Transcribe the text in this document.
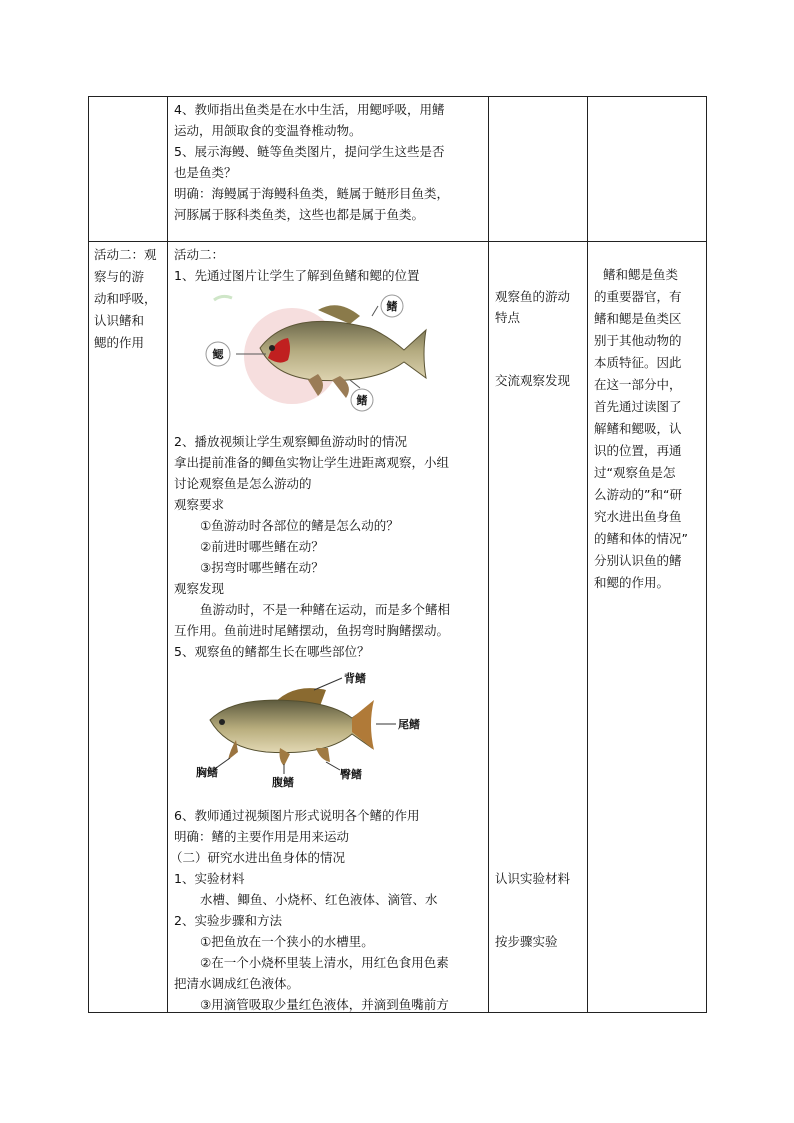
4、教师指出鱼类是在水中生活，用鳃呼吸，用鳍
运动，用颌取食的变温脊椎动物。
5、展示海鳗、鲢等鱼类图片，提问学生这些是否
也是鱼类？
明确：海鳗属于海鳗科鱼类，鲢属于鲢形目鱼类，
河豚属于豚科类鱼类，这些也都是属于鱼类。
活动二：观
察与的游
动和呼吸，
认识鳍和
鳃的作用
活动二：
1、先通过图片让学生了解到鱼鳍和鳃的位置
鳍
鳃
鳍
2、播放视频让学生观察鲫鱼游动时的情况
拿出提前准备的鲫鱼实物让学生进距离观察，小组
讨论观察鱼是怎么游动的
观察要求
①鱼游动时各部位的鳍是怎么动的？
②前进时哪些鳍在动？
③拐弯时哪些鳍在动？
观察发现
鱼游动时，不是一种鳍在运动，而是多个鳍相
互作用。鱼前进时尾鳍摆动，鱼拐弯时胸鳍摆动。
5、观察鱼的鳍都生长在哪些部位？
背鳍
尾鳍
胸鳍
腹鳍
臀鳍
6、教师通过视频图片形式说明各个鳍的作用
明确：鳍的主要作用是用来运动
（二）研究水进出鱼身体的情况
1、实验材料
水槽、鲫鱼、小烧杯、红色液体、滴管、水
2、实验步骤和方法
①把鱼放在一个狭小的水槽里。
②在一个小烧杯里装上清水，用红色食用色素
把清水调成红色液体。
③用滴管吸取少量红色液体，并滴到鱼嘴前方
观察鱼的游动
特点
交流观察发现
认识实验材料
按步骤实验
鳍和鳃是鱼类
的重要器官，有
鳍和鳃是鱼类区
别于其他动物的
本质特征。因此
在这一部分中，
首先通过读图了
解鳍和鳃吸，认
识的位置，再通
过“观察鱼是怎
么游动的”和“研
究水进出鱼身鱼
的鳍和体的情况”
分别认识鱼的鳍
和鳃的作用。
